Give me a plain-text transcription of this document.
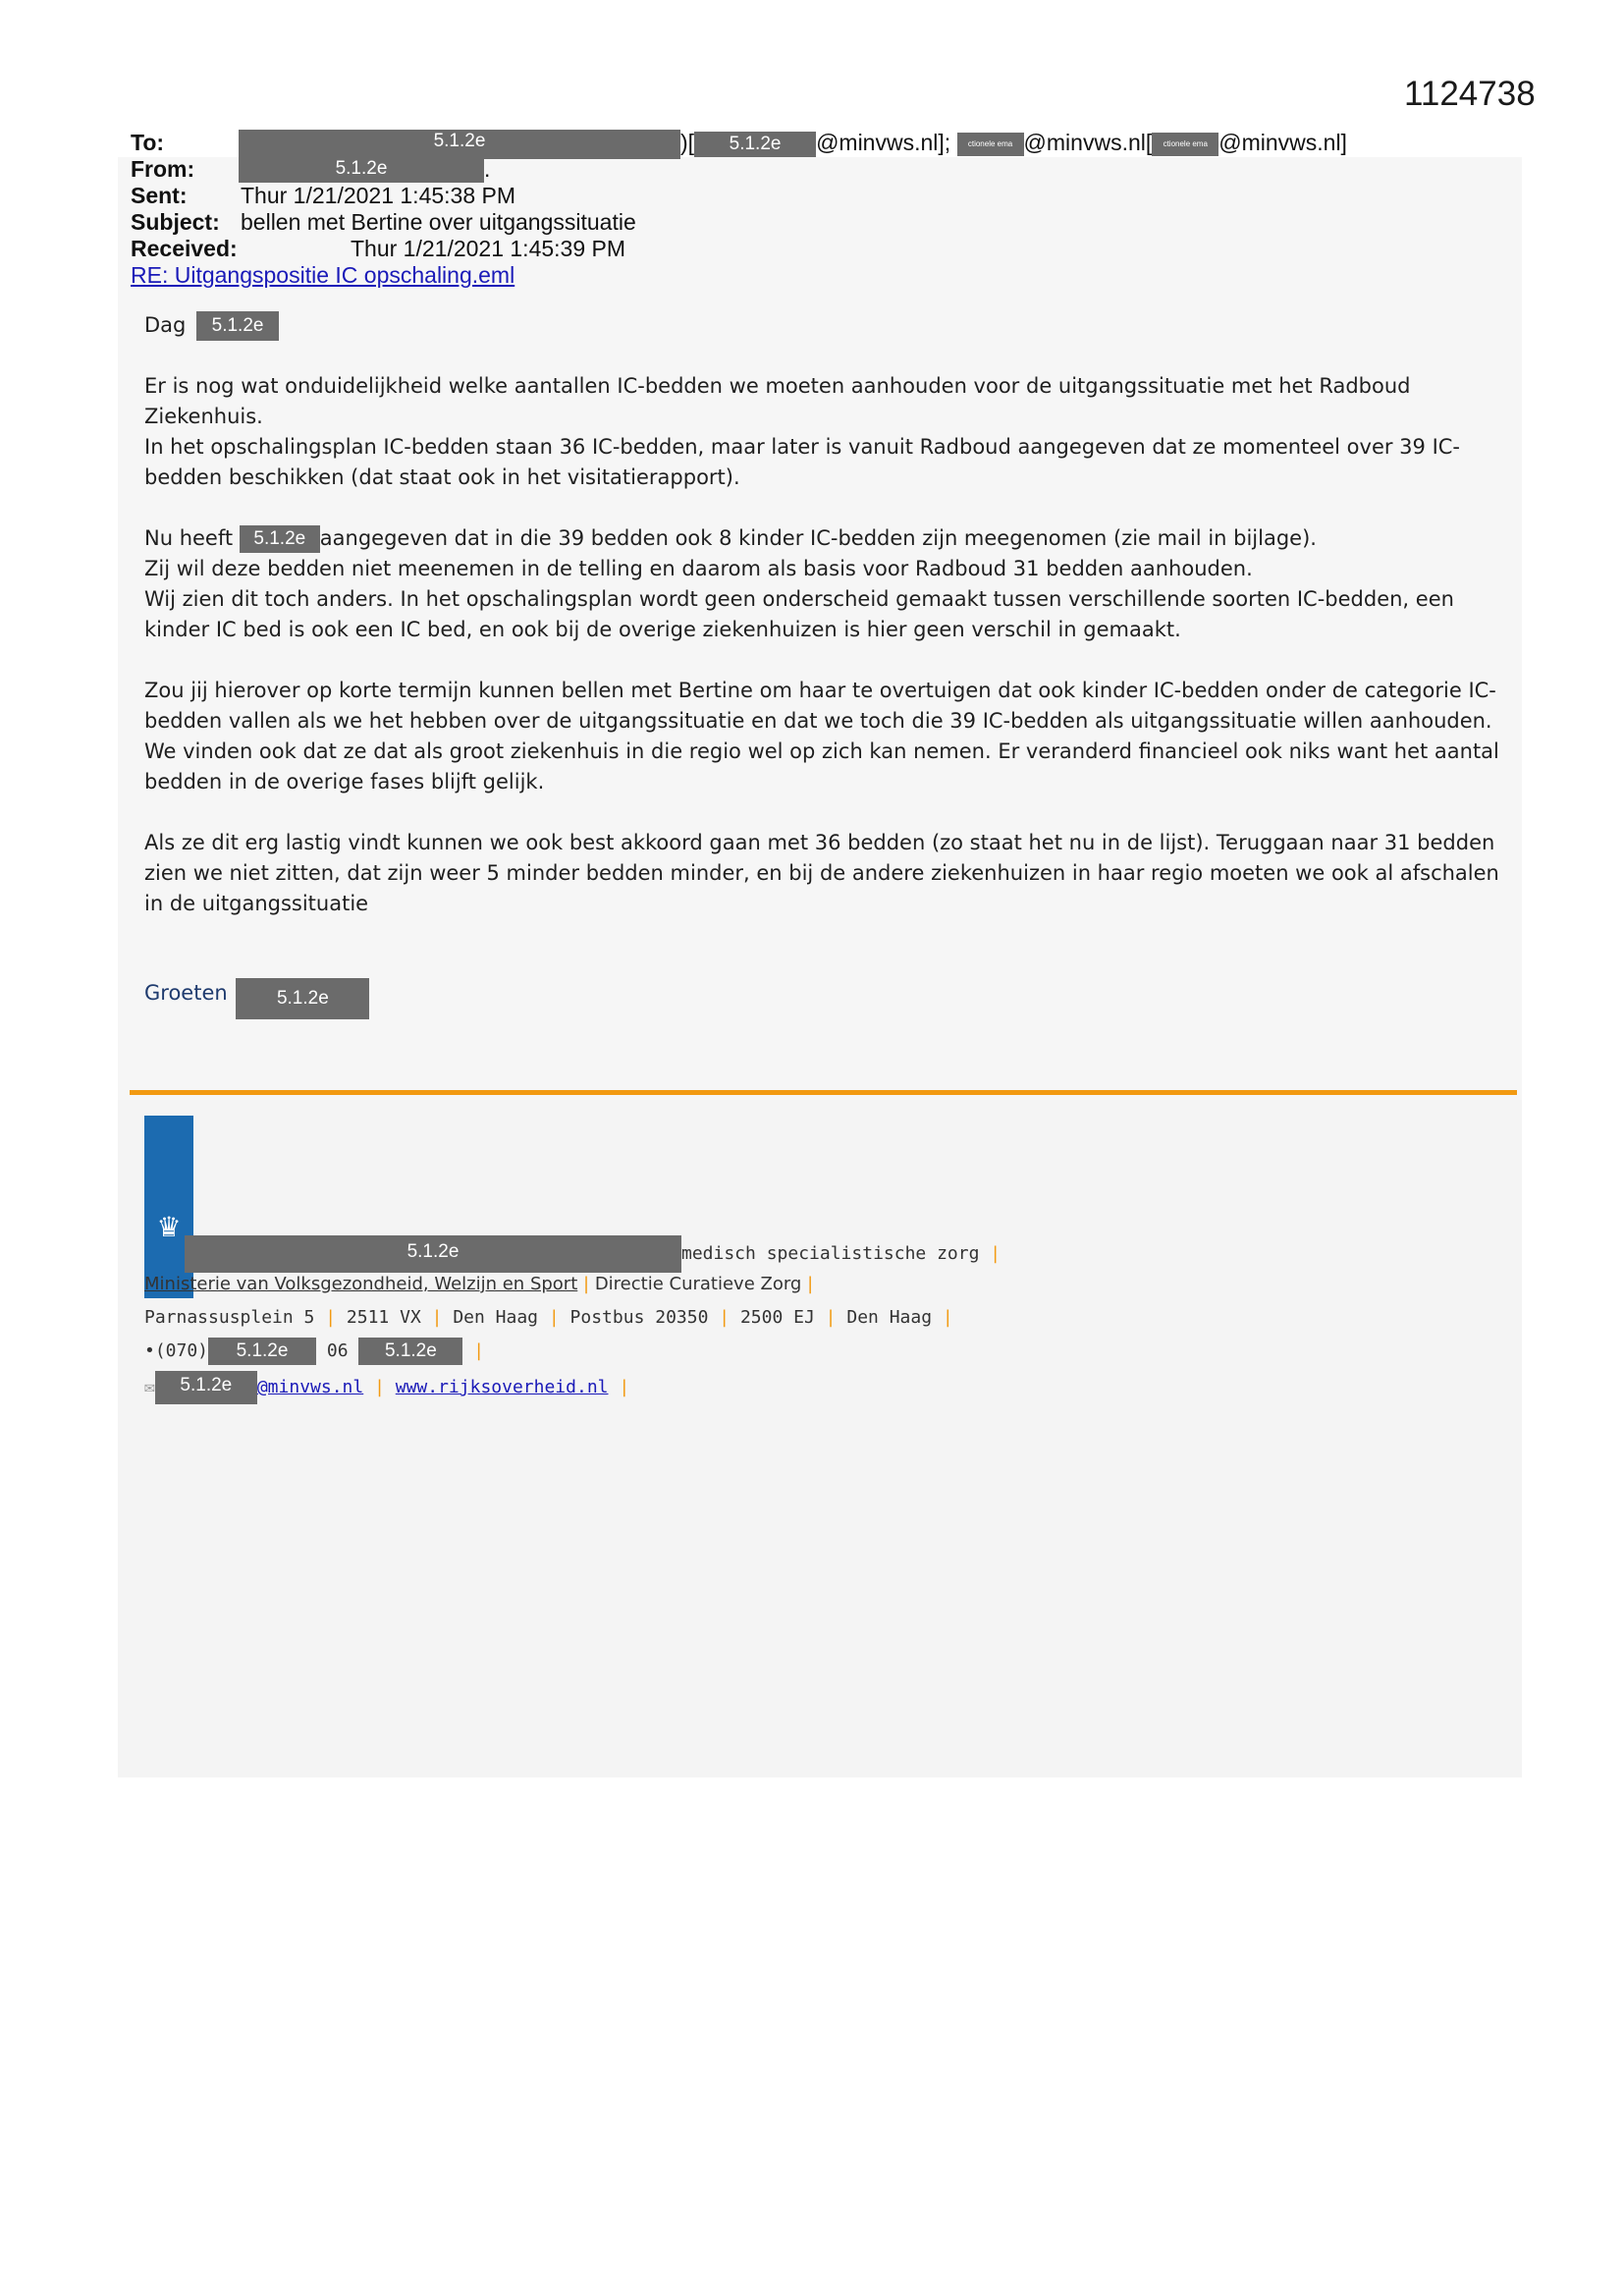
1124738
To:	5.1.2e	)[ 5.1.2e @minvws.nl]; ctionele ema @minvws.nl[ ctionele ema @minvws.nl]
From:	5.1.2e	.
Sent: Thur 1/21/2021 1:45:38 PM
Subject: bellen met Bertine over uitgangssituatie
Received:	Thur 1/21/2021 1:45:39 PM
RE: Uitgangspositie IC opschaling.eml

Dag 5.1.2e

Er is nog wat onduidelijkheid welke aantallen IC-bedden we moeten aanhouden voor de uitgangssituatie met het Radboud Ziekenhuis.
In het opschalingsplan IC-bedden staan 36 IC-bedden, maar later is vanuit Radboud aangegeven dat ze momenteel over 39 IC-bedden beschikken (dat staat ook in het visitatierapport).

Nu heeft 5.1.2e aangegeven dat in die 39 bedden ook 8 kinder IC-bedden zijn meegenomen (zie mail in bijlage).
Zij wil deze bedden niet meenemen in de telling en daarom als basis voor Radboud 31 bedden aanhouden.
Wij zien dit toch anders. In het opschalingsplan wordt geen onderscheid gemaakt tussen verschillende soorten IC-bedden, een kinder IC bed is ook een IC bed, en ook bij de overige ziekenhuizen is hier geen verschil in gemaakt.

Zou jij hierover op korte termijn kunnen bellen met Bertine om haar te overtuigen dat ook kinder IC-bedden onder de categorie IC-bedden vallen als we het hebben over de uitgangssituatie en dat we toch die 39 IC-bedden als uitgangssituatie willen aanhouden. We vinden ook dat ze dat als groot ziekenhuis in die regio wel op zich kan nemen. Er veranderd financieel ook niks want het aantal bedden in de overige fases blijft gelijk.

Als ze dit erg lastig vindt kunnen we ook best akkoord gaan met 36 bedden (zo staat het nu in de lijst). Teruggaan naar 31 bedden zien we niet zitten, dat zijn weer 5 minder bedden minder, en bij de andere ziekenhuizen in haar regio moeten we ook al afschalen in de uitgangssituatie

Groeten	5.1.2e

♛
5.1.2e	medisch specialistische zorg |
Ministerie van Volksgezondheid, Welzijn en Sport | Directie Curatieve Zorg |
Parnassusplein 5 | 2511 VX | Den Haag | Postbus 20350 | 2500 EJ | Den Haag |
•(070) 5.1.2e 06 5.1.2e |
✉ 5.1.2e @minvws.nl | www.rijksoverheid.nl |
